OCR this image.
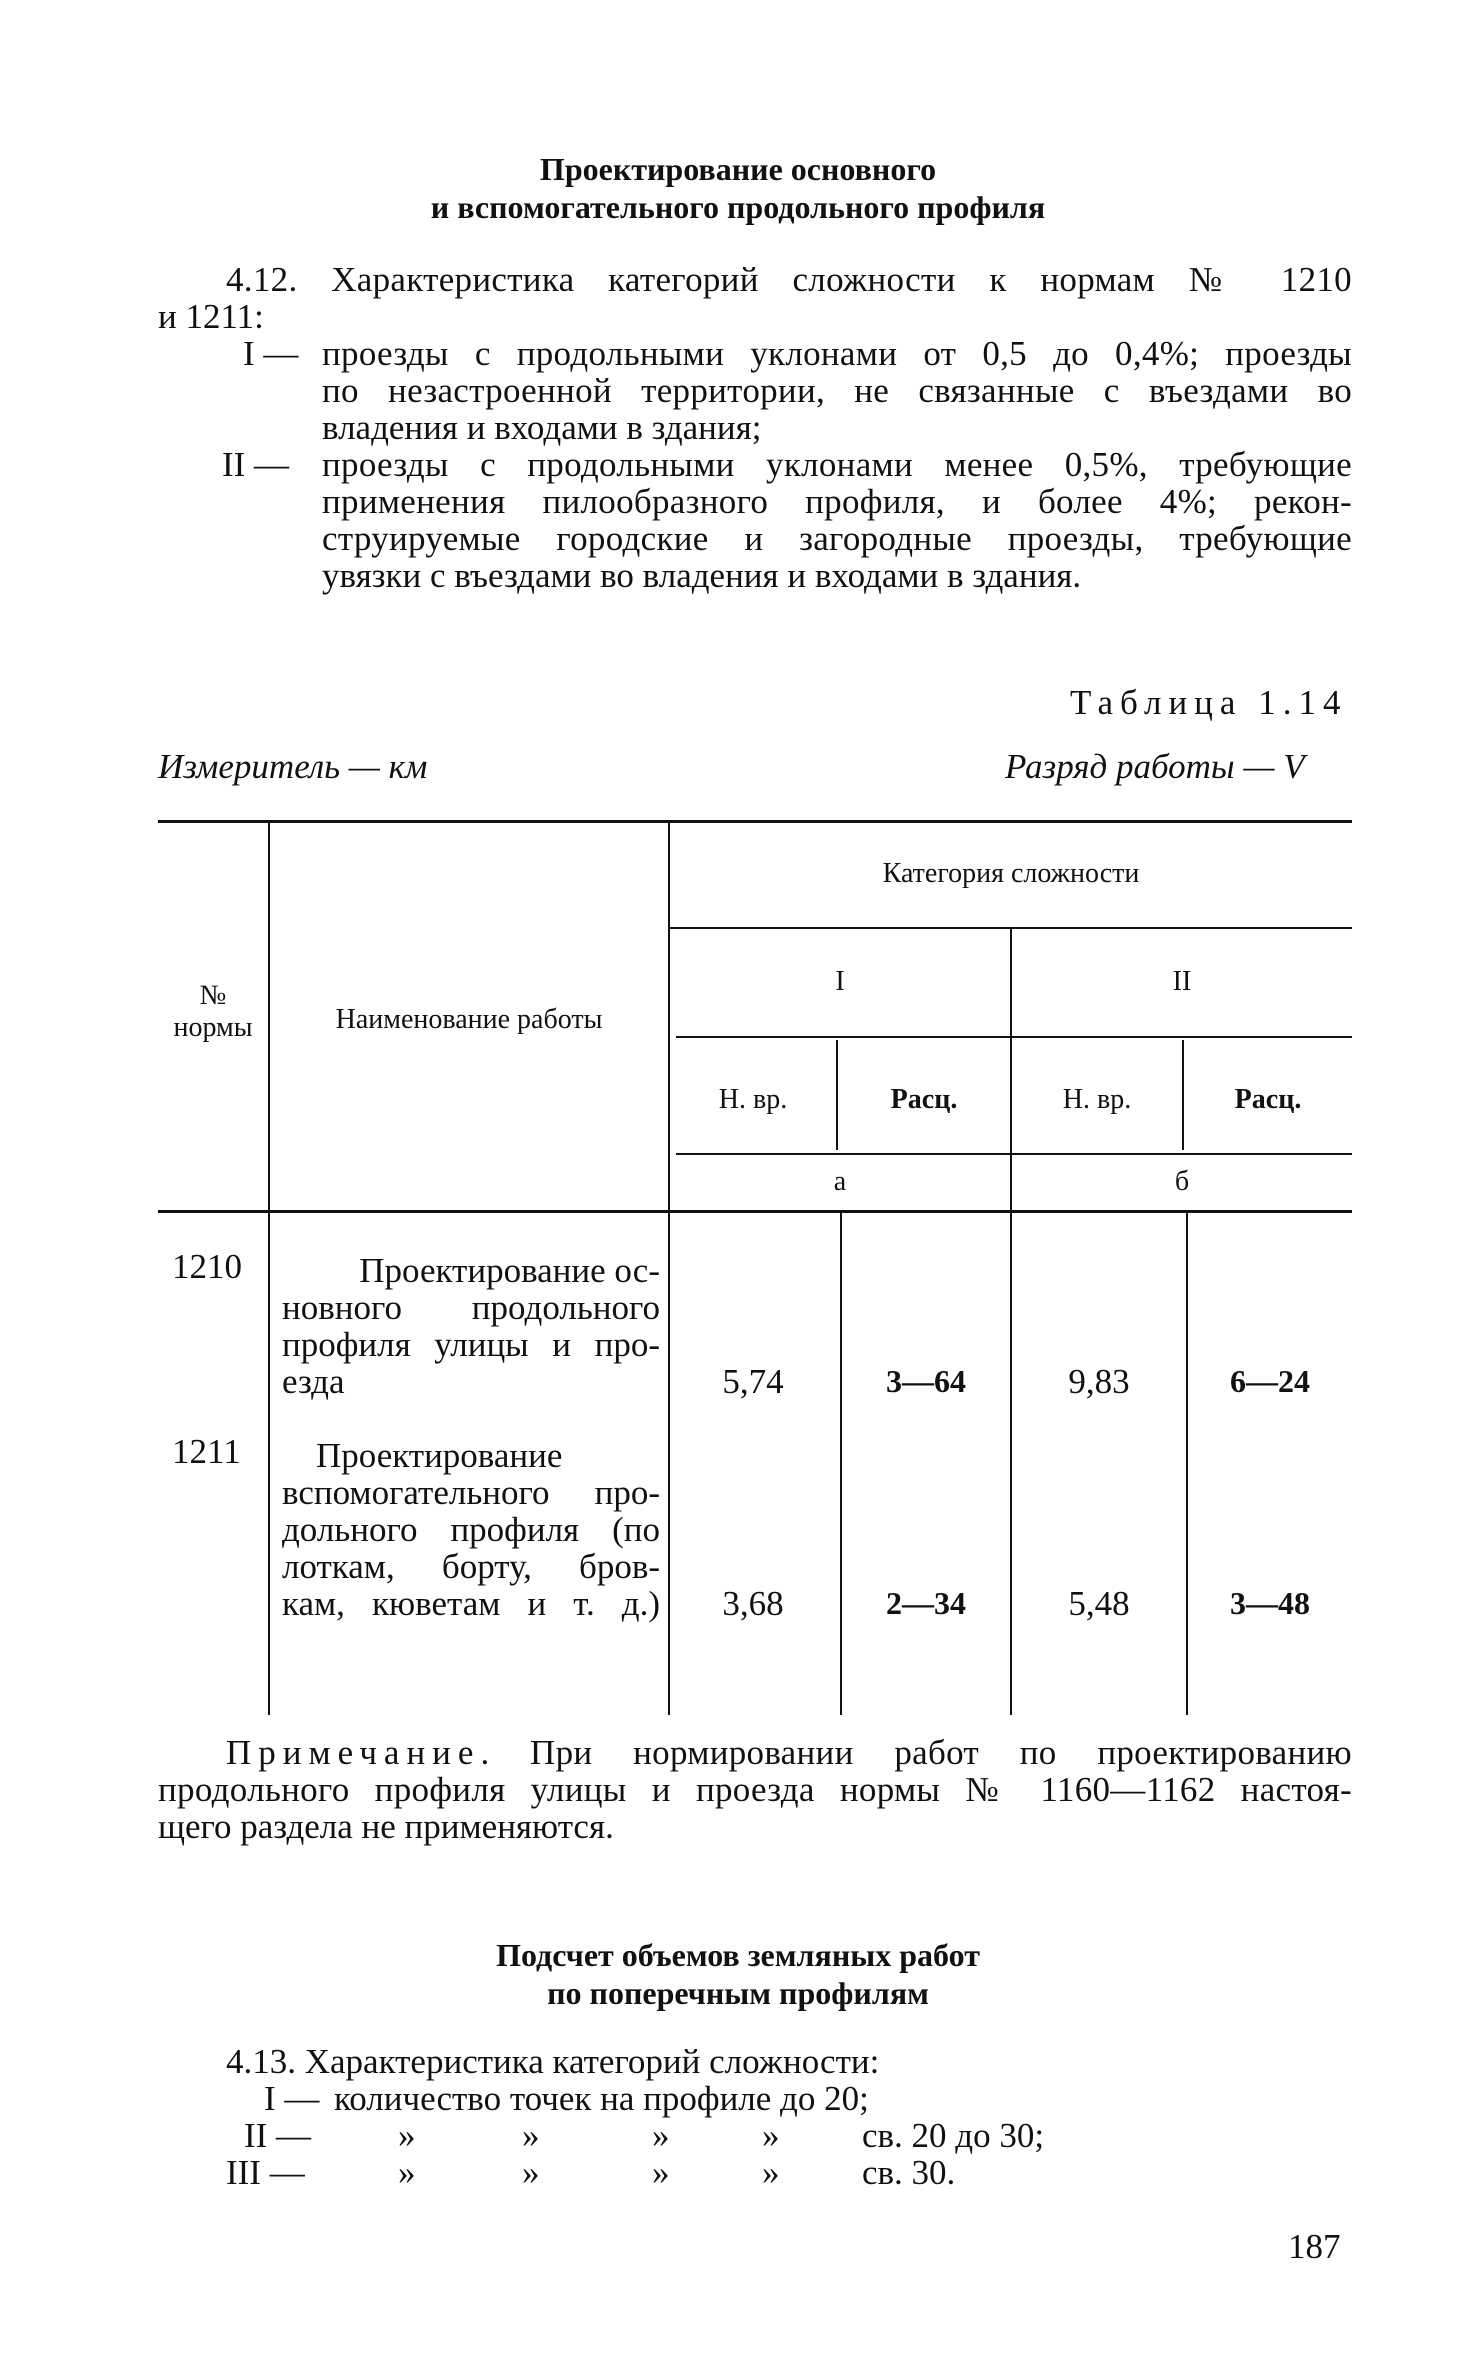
Проектирование основного
и вспомогательного продольного профиля
4.12. Характеристика категорий сложности к нормам № 1210
и 1211:
I — проезды с продольными уклонами от 0,5 до 0,4%; проезды
по незастроенной территории, не связанные с въездами во
владения и входами в здания;
II — проезды с продольными уклонами менее 0,5%, требующие
применения пилообразного профиля, и более 4%; рекон-
струируемые городские и загородные проезды, требующие
увязки с въездами во владения и входами в здания.
Таблица 1.14
Измеритель — км	Разряд работы — V
№
нормы	Наименование работы
Категория сложности
I	II
Н. вр.	Расц.	Н. вр.	Расц.
а	б
1210	Проектирование ос-
новного продольного
профиля улицы и про-
езда	5,74	3—64	9,83	6—24
1211	Проектирование
вспомогательного про-
дольного профиля (по
лоткам, борту, бров-
кам, кюветам и т. д.)	3,68	2—34	5,48	3—48
Примечание. При нормировании работ по проектированию
продольного профиля улицы и проезда нормы № 1160—1162 настоя-
щего раздела не применяются.
Подсчет объемов земляных работ
по поперечным профилям
4.13. Характеристика категорий сложности:
I — количество точек на профиле до 20;
II — »	»	»	» св. 20 до 30;
III —	»	»	»	» св. 30.
187
